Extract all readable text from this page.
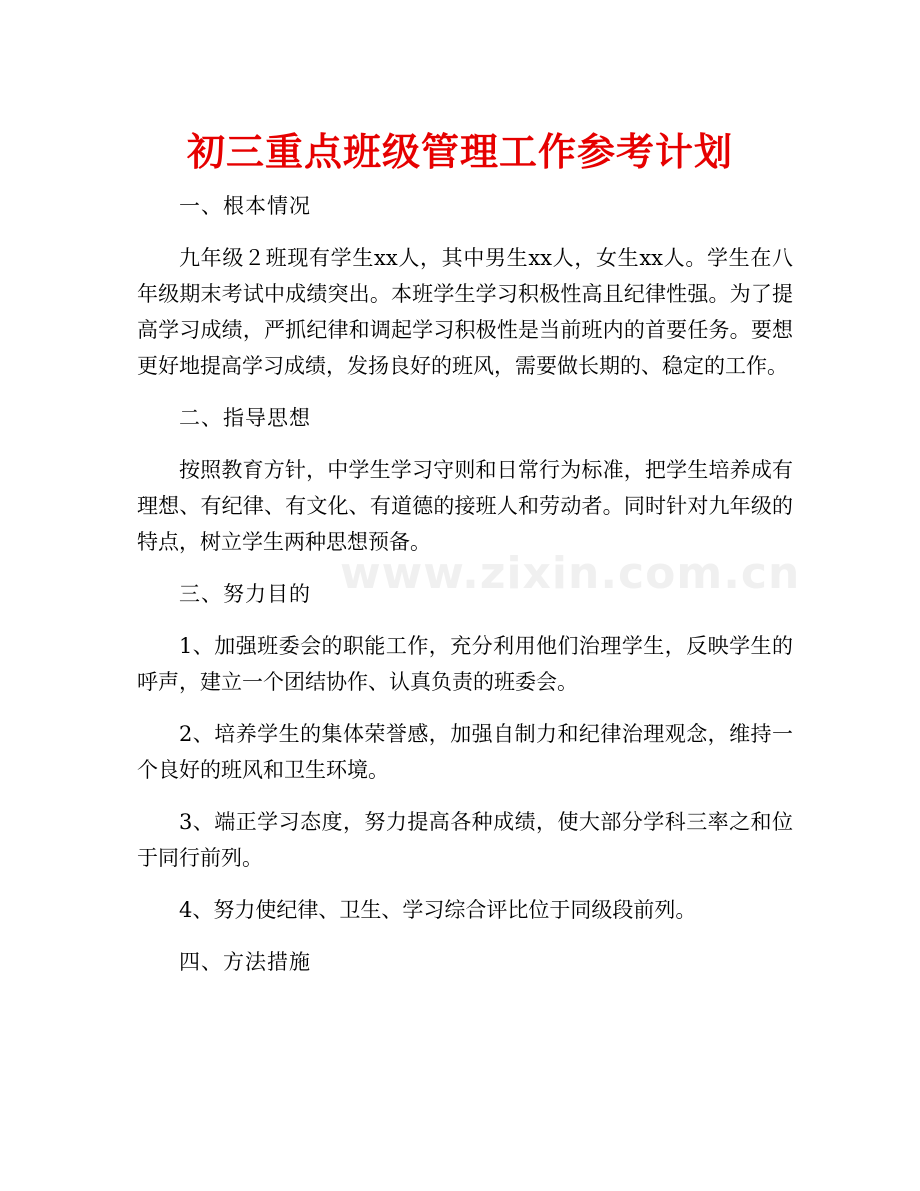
初三重点班级管理工作参考计划
www.zixin.com.cn

一、根本情况

九年级２班现有学生xx人，其中男生xx人，女生xx人。学生在八年级期末考试中成绩突出。本班学生学习积极性高且纪律性强。为了提高学习成绩，严抓纪律和调起学习积极性是当前班内的首要任务。要想更好地提高学习成绩，发扬良好的班风，需要做长期的、稳定的工作。

二、指导思想

按照教育方针，中学生学习守则和日常行为标准，把学生培养成有理想、有纪律、有文化、有道德的接班人和劳动者。同时针对九年级的特点，树立学生两种思想预备。

三、努力目的

1、加强班委会的职能工作，充分利用他们治理学生，反映学生的呼声，建立一个团结协作、认真负责的班委会。

2、培养学生的集体荣誉感，加强自制力和纪律治理观念，维持一个良好的班风和卫生环境。

3、端正学习态度，努力提高各种成绩，使大部分学科三率之和位于同行前列。

4、努力使纪律、卫生、学习综合评比位于同级段前列。

四、方法措施
